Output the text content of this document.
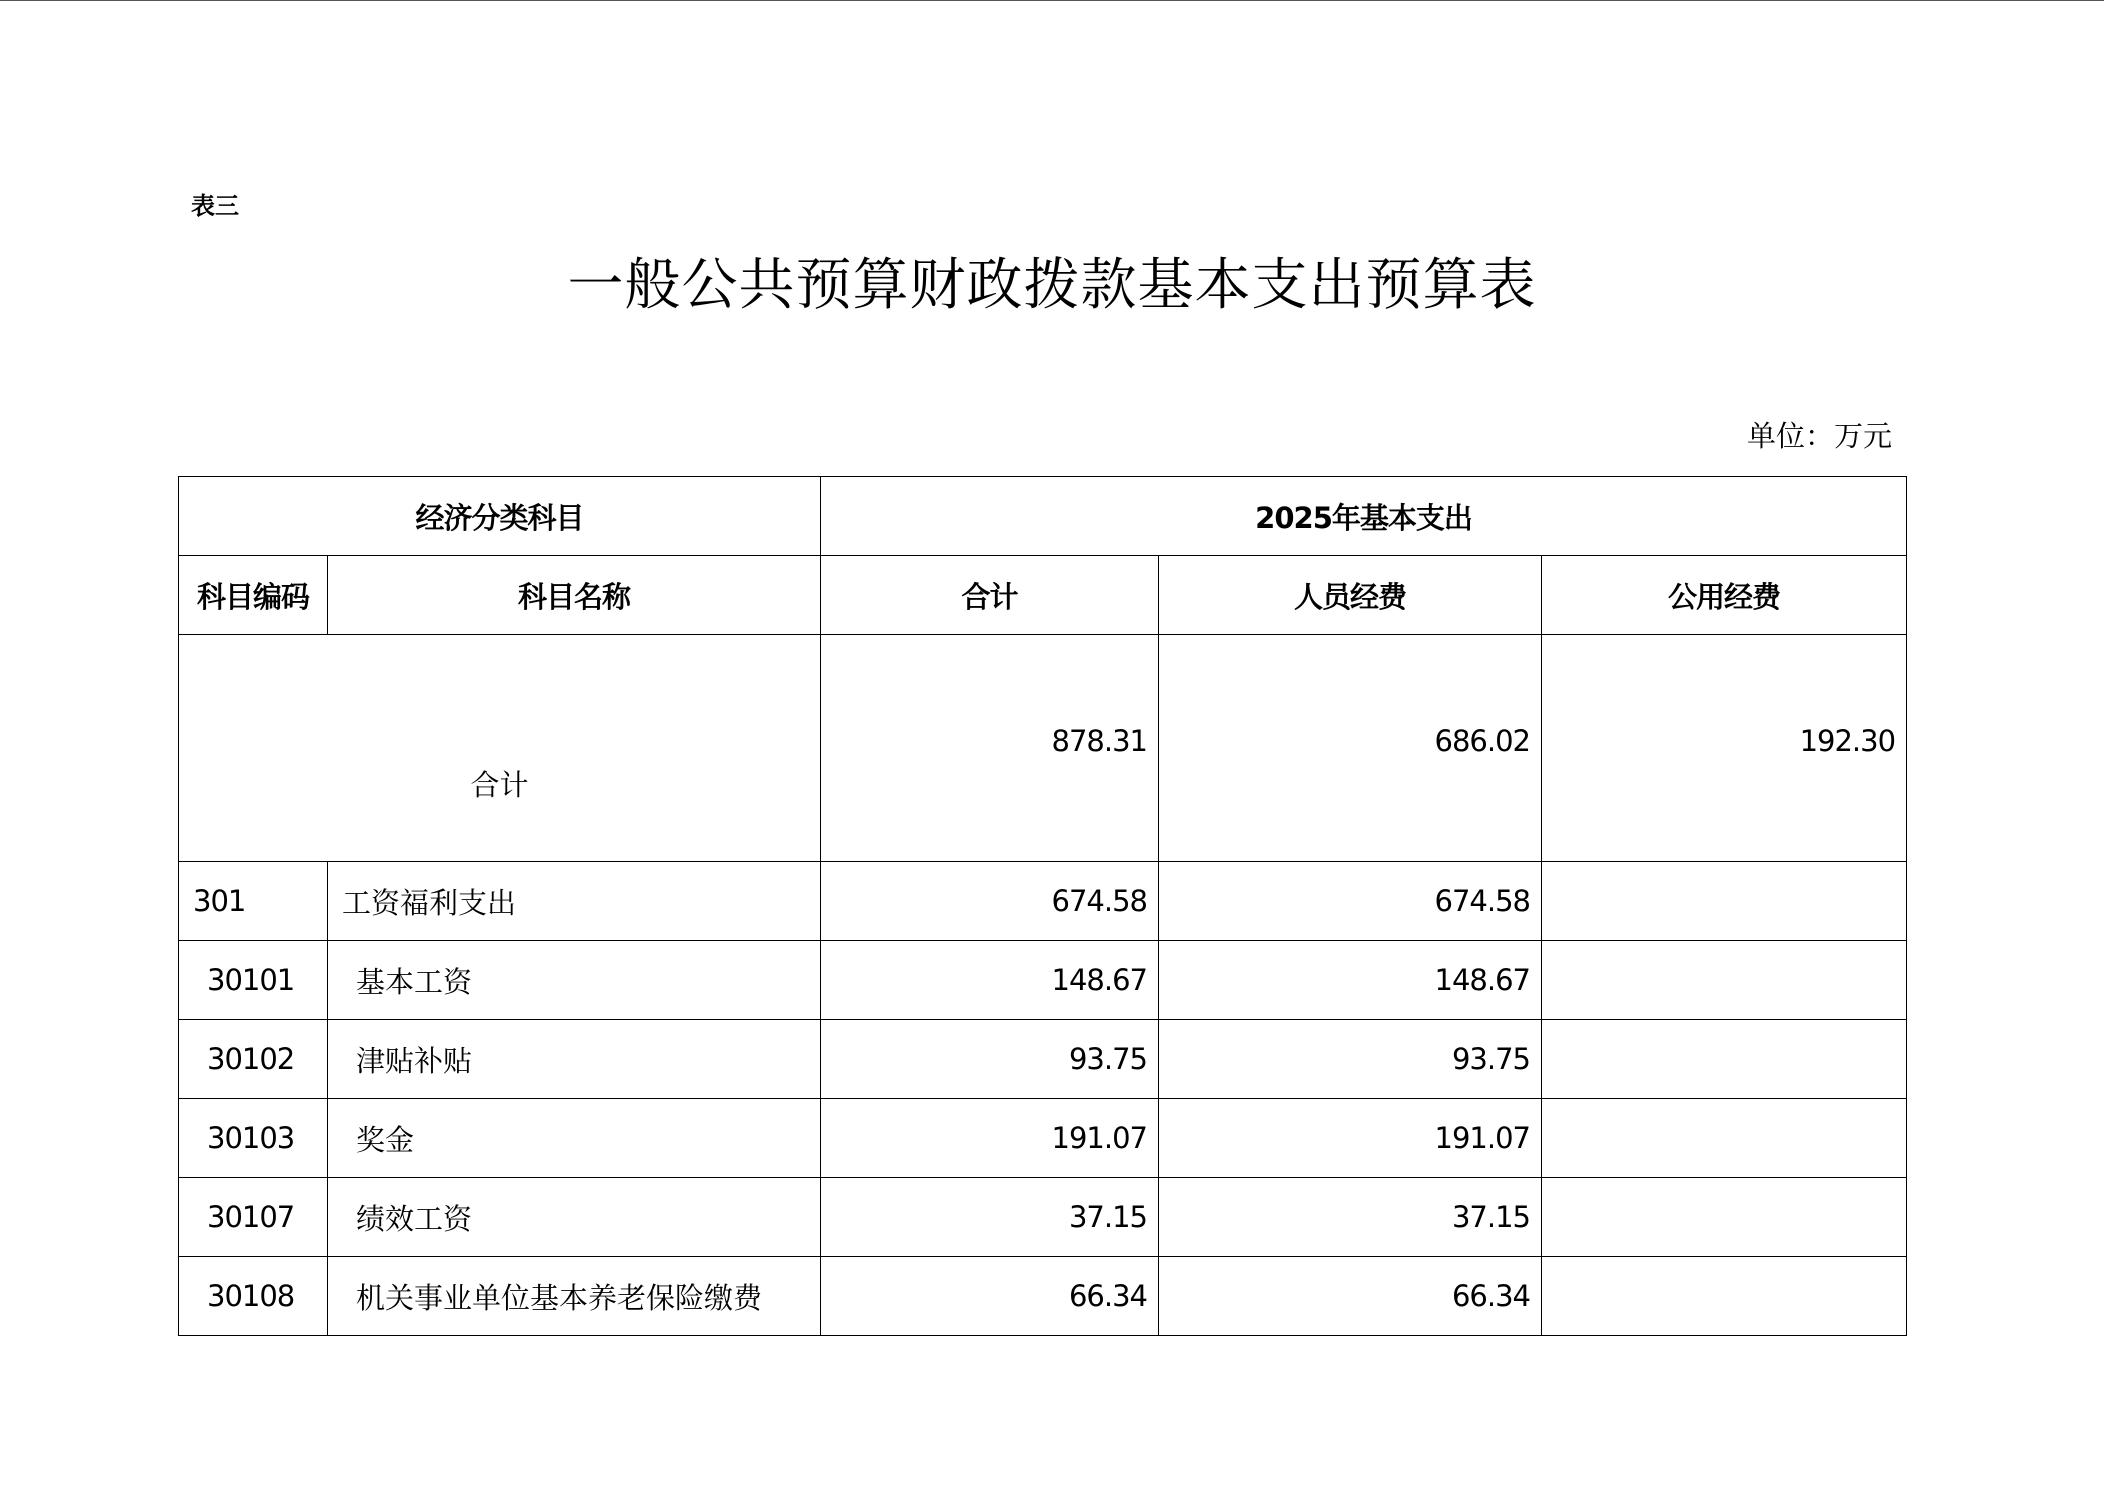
表三
一般公共预算财政拨款基本支出预算表
单位：万元
经济分类科目		2025年基本支出		
科目编码	科目名称	合计	人员经费	公用经费
合计		878.31	686.02	192.30
301	工资福利支出	674.58	674.58	
30101	基本工资	148.67	148.67	
30102	津贴补贴	93.75	93.75	
30103	奖金	191.07	191.07	
30107	绩效工资	37.15	37.15	
30108	机关事业单位基本养老保险缴费	66.34	66.34	
